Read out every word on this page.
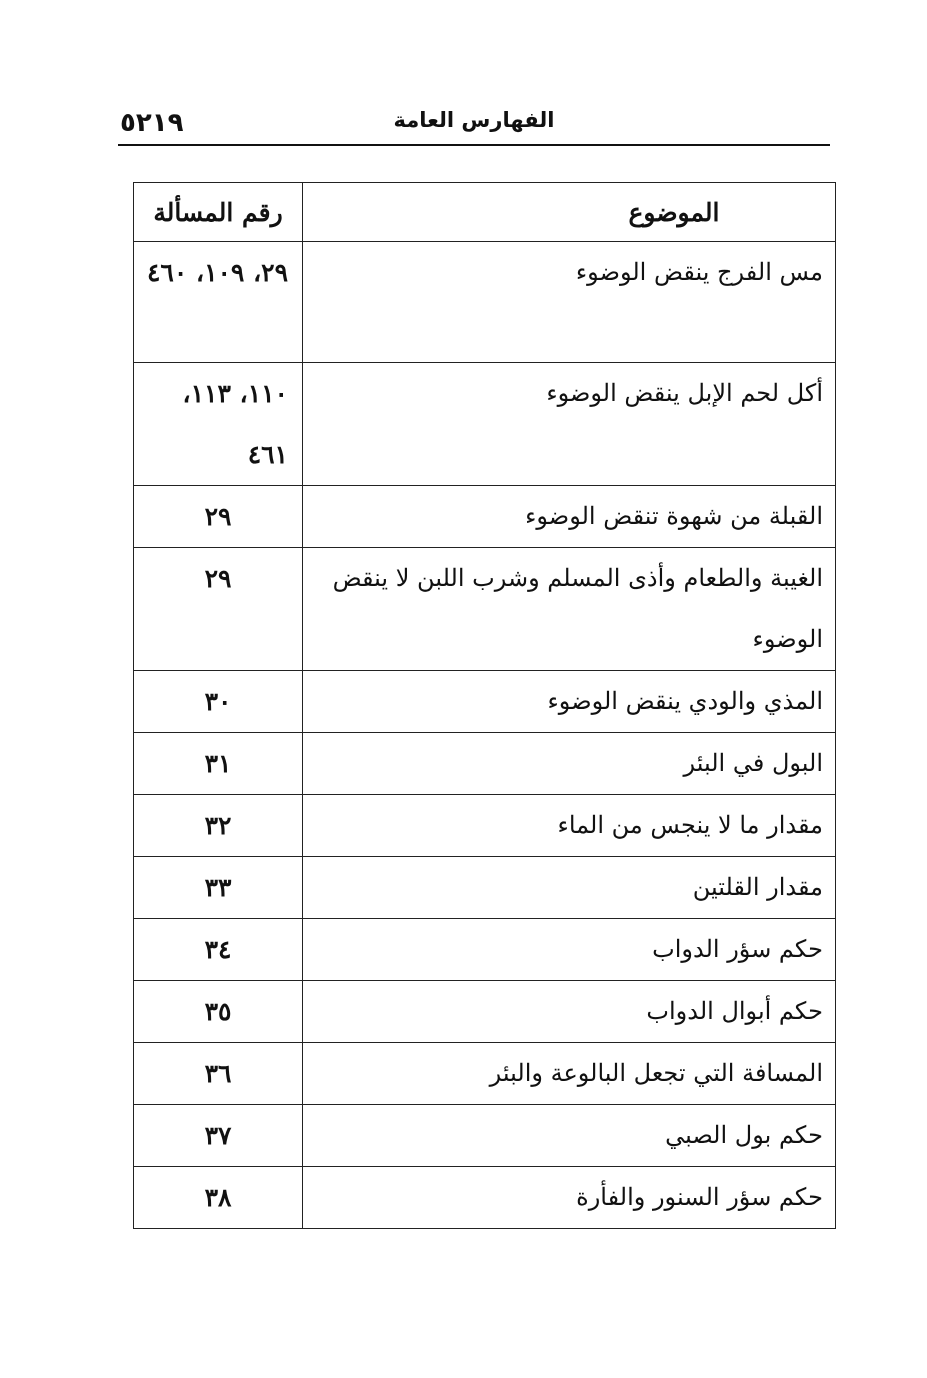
٥٢١٩	الفهارس العامة
الموضوع	رقم المسألة
مس الفرج ينقض الوضوء	٢٩، ١٠٩، ٤٦٠
أكل لحم الإبل ينقض الوضوء	١١٠، ١١٣، ٤٦١
القبلة من شهوة تنقض الوضوء	٢٩
الغيبة والطعام وأذى المسلم وشرب اللبن لا ينقض الوضوء	٢٩
المذي والودي ينقض الوضوء	٣٠
البول في البئر	٣١
مقدار ما لا ينجس من الماء	٣٢
مقدار القلتين	٣٣
حكم سؤر الدواب	٣٤
حكم أبوال الدواب	٣٥
المسافة التي تجعل البالوعة والبئر	٣٦
حكم بول الصبي	٣٧
حكم سؤر السنور والفأرة	٣٨
